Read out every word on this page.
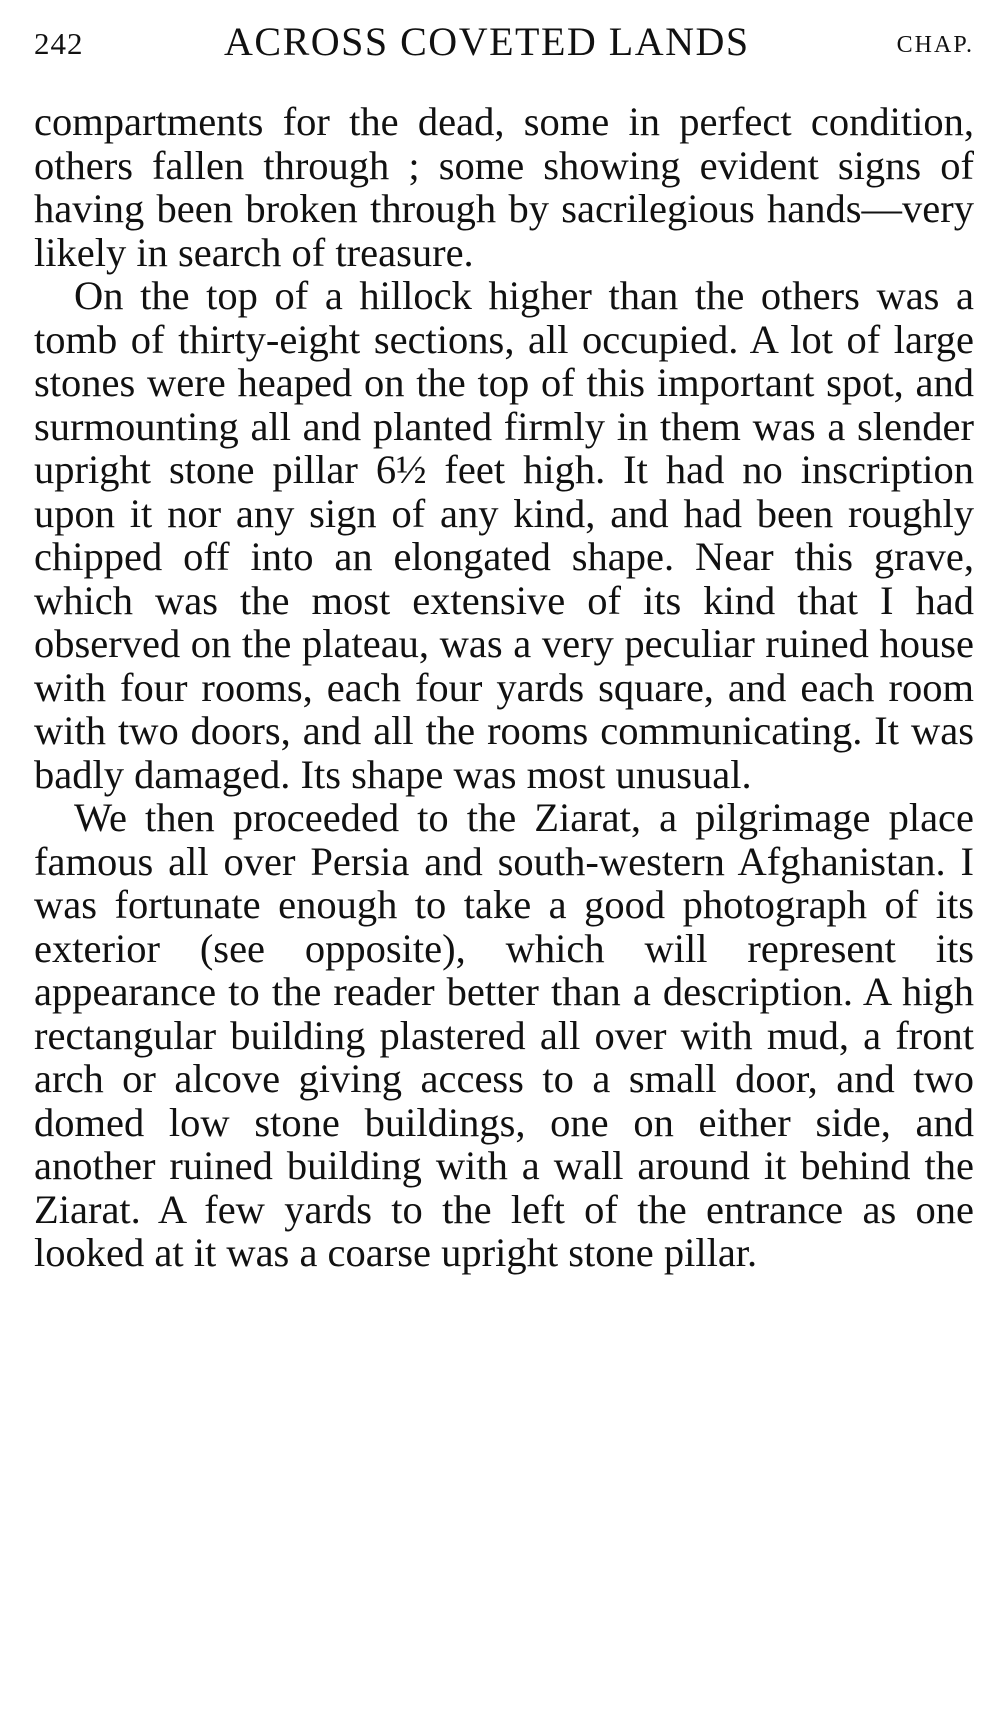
242	ACROSS COVETED LANDS	CHAP.

compartments for the dead, some in perfect condition, others fallen through ; some showing evident signs of having been broken through by sacrilegious hands—very likely in search of treasure.

On the top of a hillock higher than the others was a tomb of thirty-eight sections, all occupied. A lot of large stones were heaped on the top of this important spot, and surmounting all and planted firmly in them was a slender upright stone pillar 6½ feet high. It had no inscription upon it nor any sign of any kind, and had been roughly chipped off into an elongated shape. Near this grave, which was the most extensive of its kind that I had observed on the plateau, was a very peculiar ruined house with four rooms, each four yards square, and each room with two doors, and all the rooms communicating. It was badly damaged. Its shape was most unusual.

We then proceeded to the Ziarat, a pilgrimage place famous all over Persia and south-western Afghanistan. I was fortunate enough to take a good photograph of its exterior (see opposite), which will represent its appearance to the reader better than a description. A high rectangular building plastered all over with mud, a front arch or alcove giving access to a small door, and two domed low stone buildings, one on either side, and another ruined building with a wall around it behind the Ziarat. A few yards to the left of the entrance as one looked at it was a coarse upright stone pillar.
